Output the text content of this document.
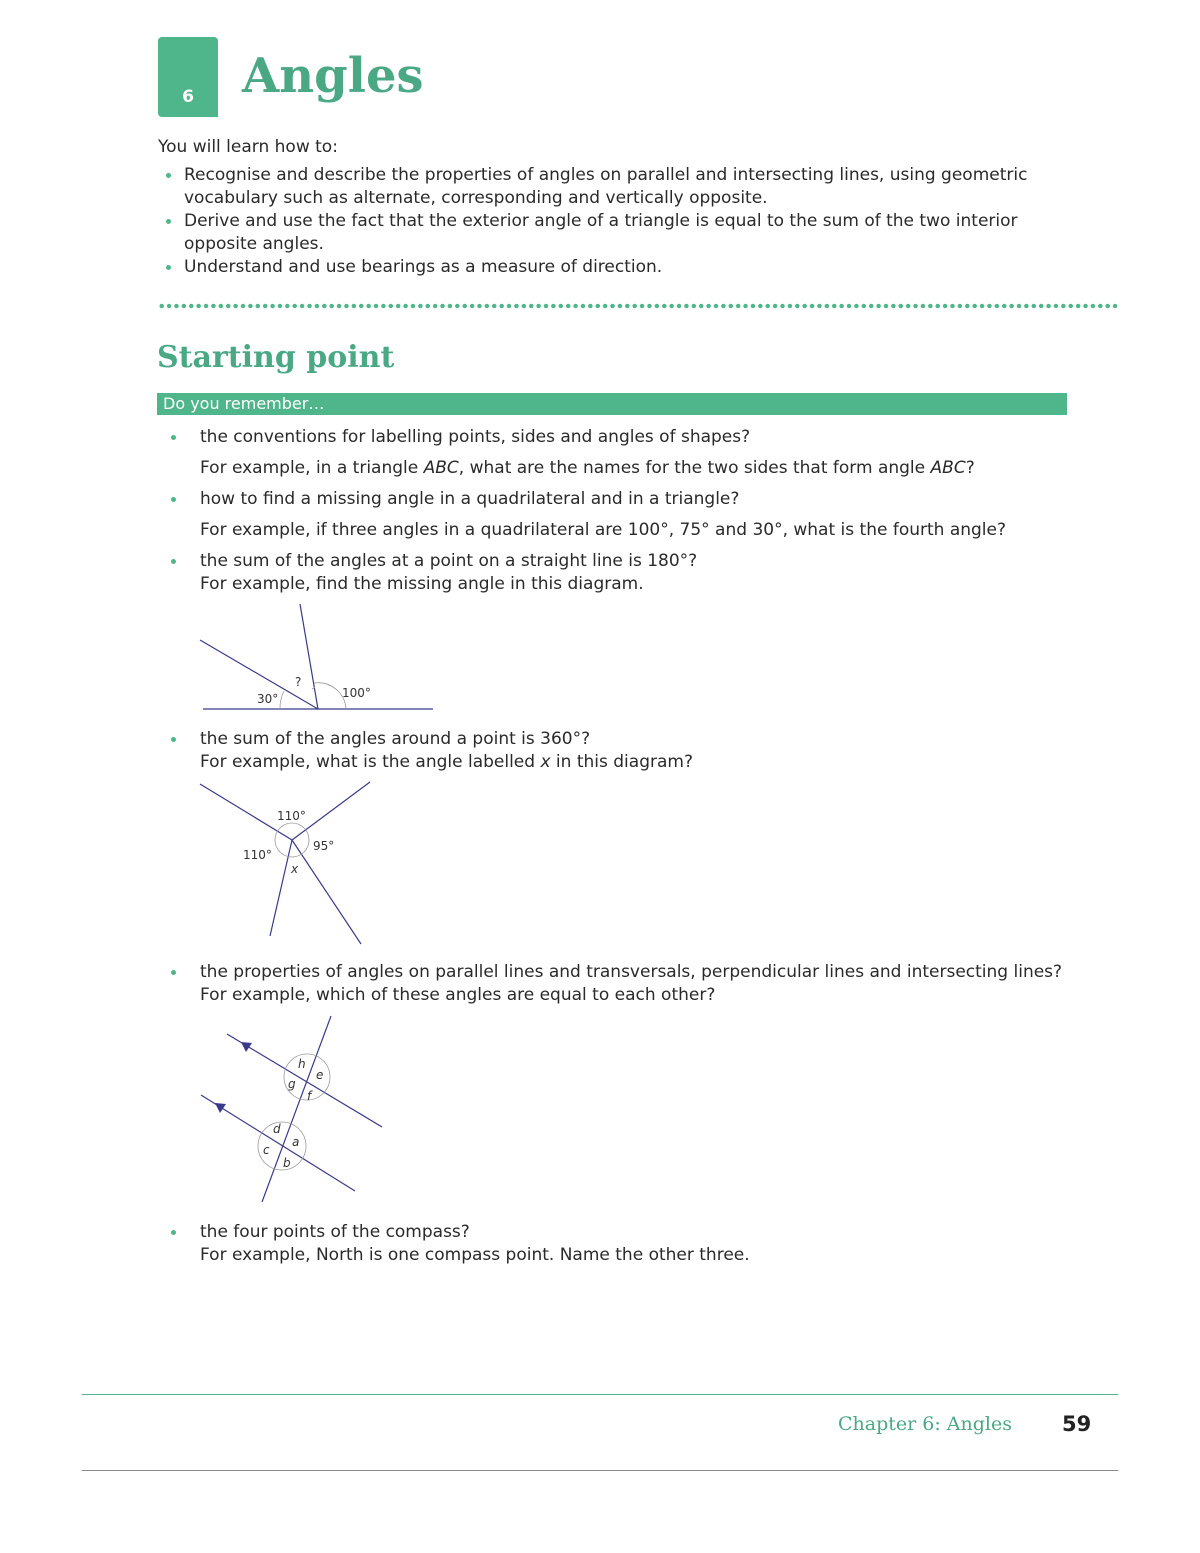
6	Angles
You will learn how to:
Recognise and describe the properties of angles on parallel and intersecting lines, using geometric vocabulary such as alternate, corresponding and vertically opposite.
Derive and use the fact that the exterior angle of a triangle is equal to the sum of the two interior opposite angles.
Understand and use bearings as a measure of direction.
Starting point
Do you remember…
the conventions for labelling points, sides and angles of shapes?
For example, in a triangle ABC, what are the names for the two sides that form angle ABC?
how to find a missing angle in a quadrilateral and in a triangle?
For example, if three angles in a quadrilateral are 100°, 75° and 30°, what is the fourth angle?
the sum of the angles at a point on a straight line is 180°?
For example, find the missing angle in this diagram.
30°
?
100°
the sum of the angles around a point is 360°?
For example, what is the angle labelled x in this diagram?
110°
110°
95°
x
the properties of angles on parallel lines and transversals, perpendicular lines and intersecting lines?
For example, which of these angles are equal to each other?
h
e
g
f
d
a
c
b
the four points of the compass?
For example, North is one compass point. Name the other three.
Chapter 6: Angles 59
